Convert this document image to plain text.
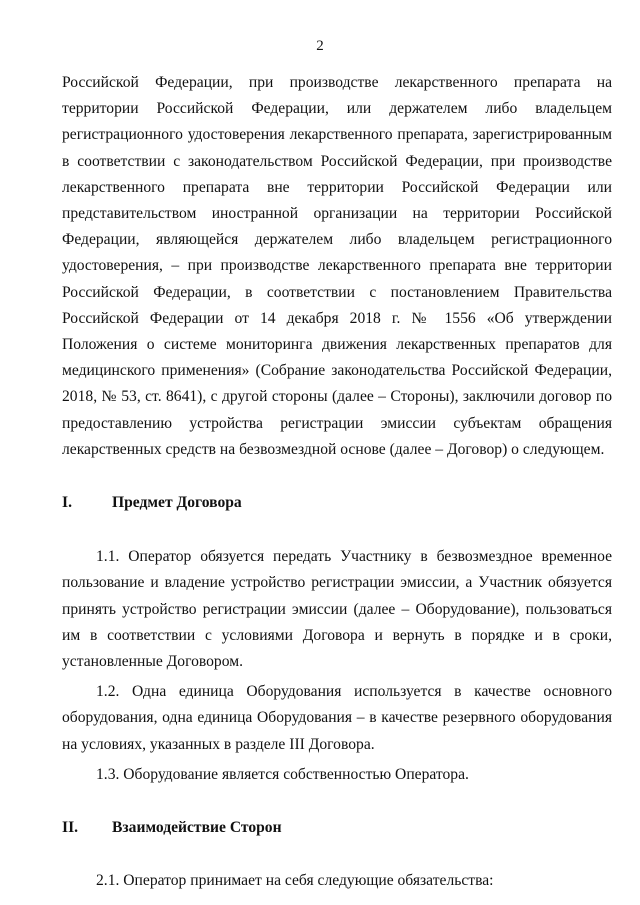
2

Российской Федерации, при производстве лекарственного препарата на территории Российской Федерации, или держателем либо владельцем регистрационного удостоверения лекарственного препарата, зарегистрированным в соответствии с законодательством Российской Федерации, при производстве лекарственного препарата вне территории Российской Федерации или представительством иностранной организации на территории Российской Федерации, являющейся держателем либо владельцем регистрационного удостоверения, – при производстве лекарственного препарата вне территории Российской Федерации, в соответствии с постановлением Правительства Российской Федерации от 14 декабря 2018 г. № 1556 «Об утверждении Положения о системе мониторинга движения лекарственных препаратов для медицинского применения» (Собрание законодательства Российской Федерации, 2018, № 53, ст. 8641), с другой стороны (далее – Стороны), заключили договор по предоставлению устройства регистрации эмиссии субъектам обращения лекарственных средств на безвозмездной основе (далее – Договор) о следующем.

I.	Предмет Договора

1.1. Оператор обязуется передать Участнику в безвозмездное временное пользование и владение устройство регистрации эмиссии, а Участник обязуется принять устройство регистрации эмиссии (далее – Оборудование), пользоваться им в соответствии с условиями Договора и вернуть в порядке и в сроки, установленные Договором.

1.2. Одна единица Оборудования используется в качестве основного оборудования, одна единица Оборудования – в качестве резервного оборудования на условиях, указанных в разделе III Договора.

1.3. Оборудование является собственностью Оператора.

II. Взаимодействие Сторон

2.1. Оператор принимает на себя следующие обязательства:
